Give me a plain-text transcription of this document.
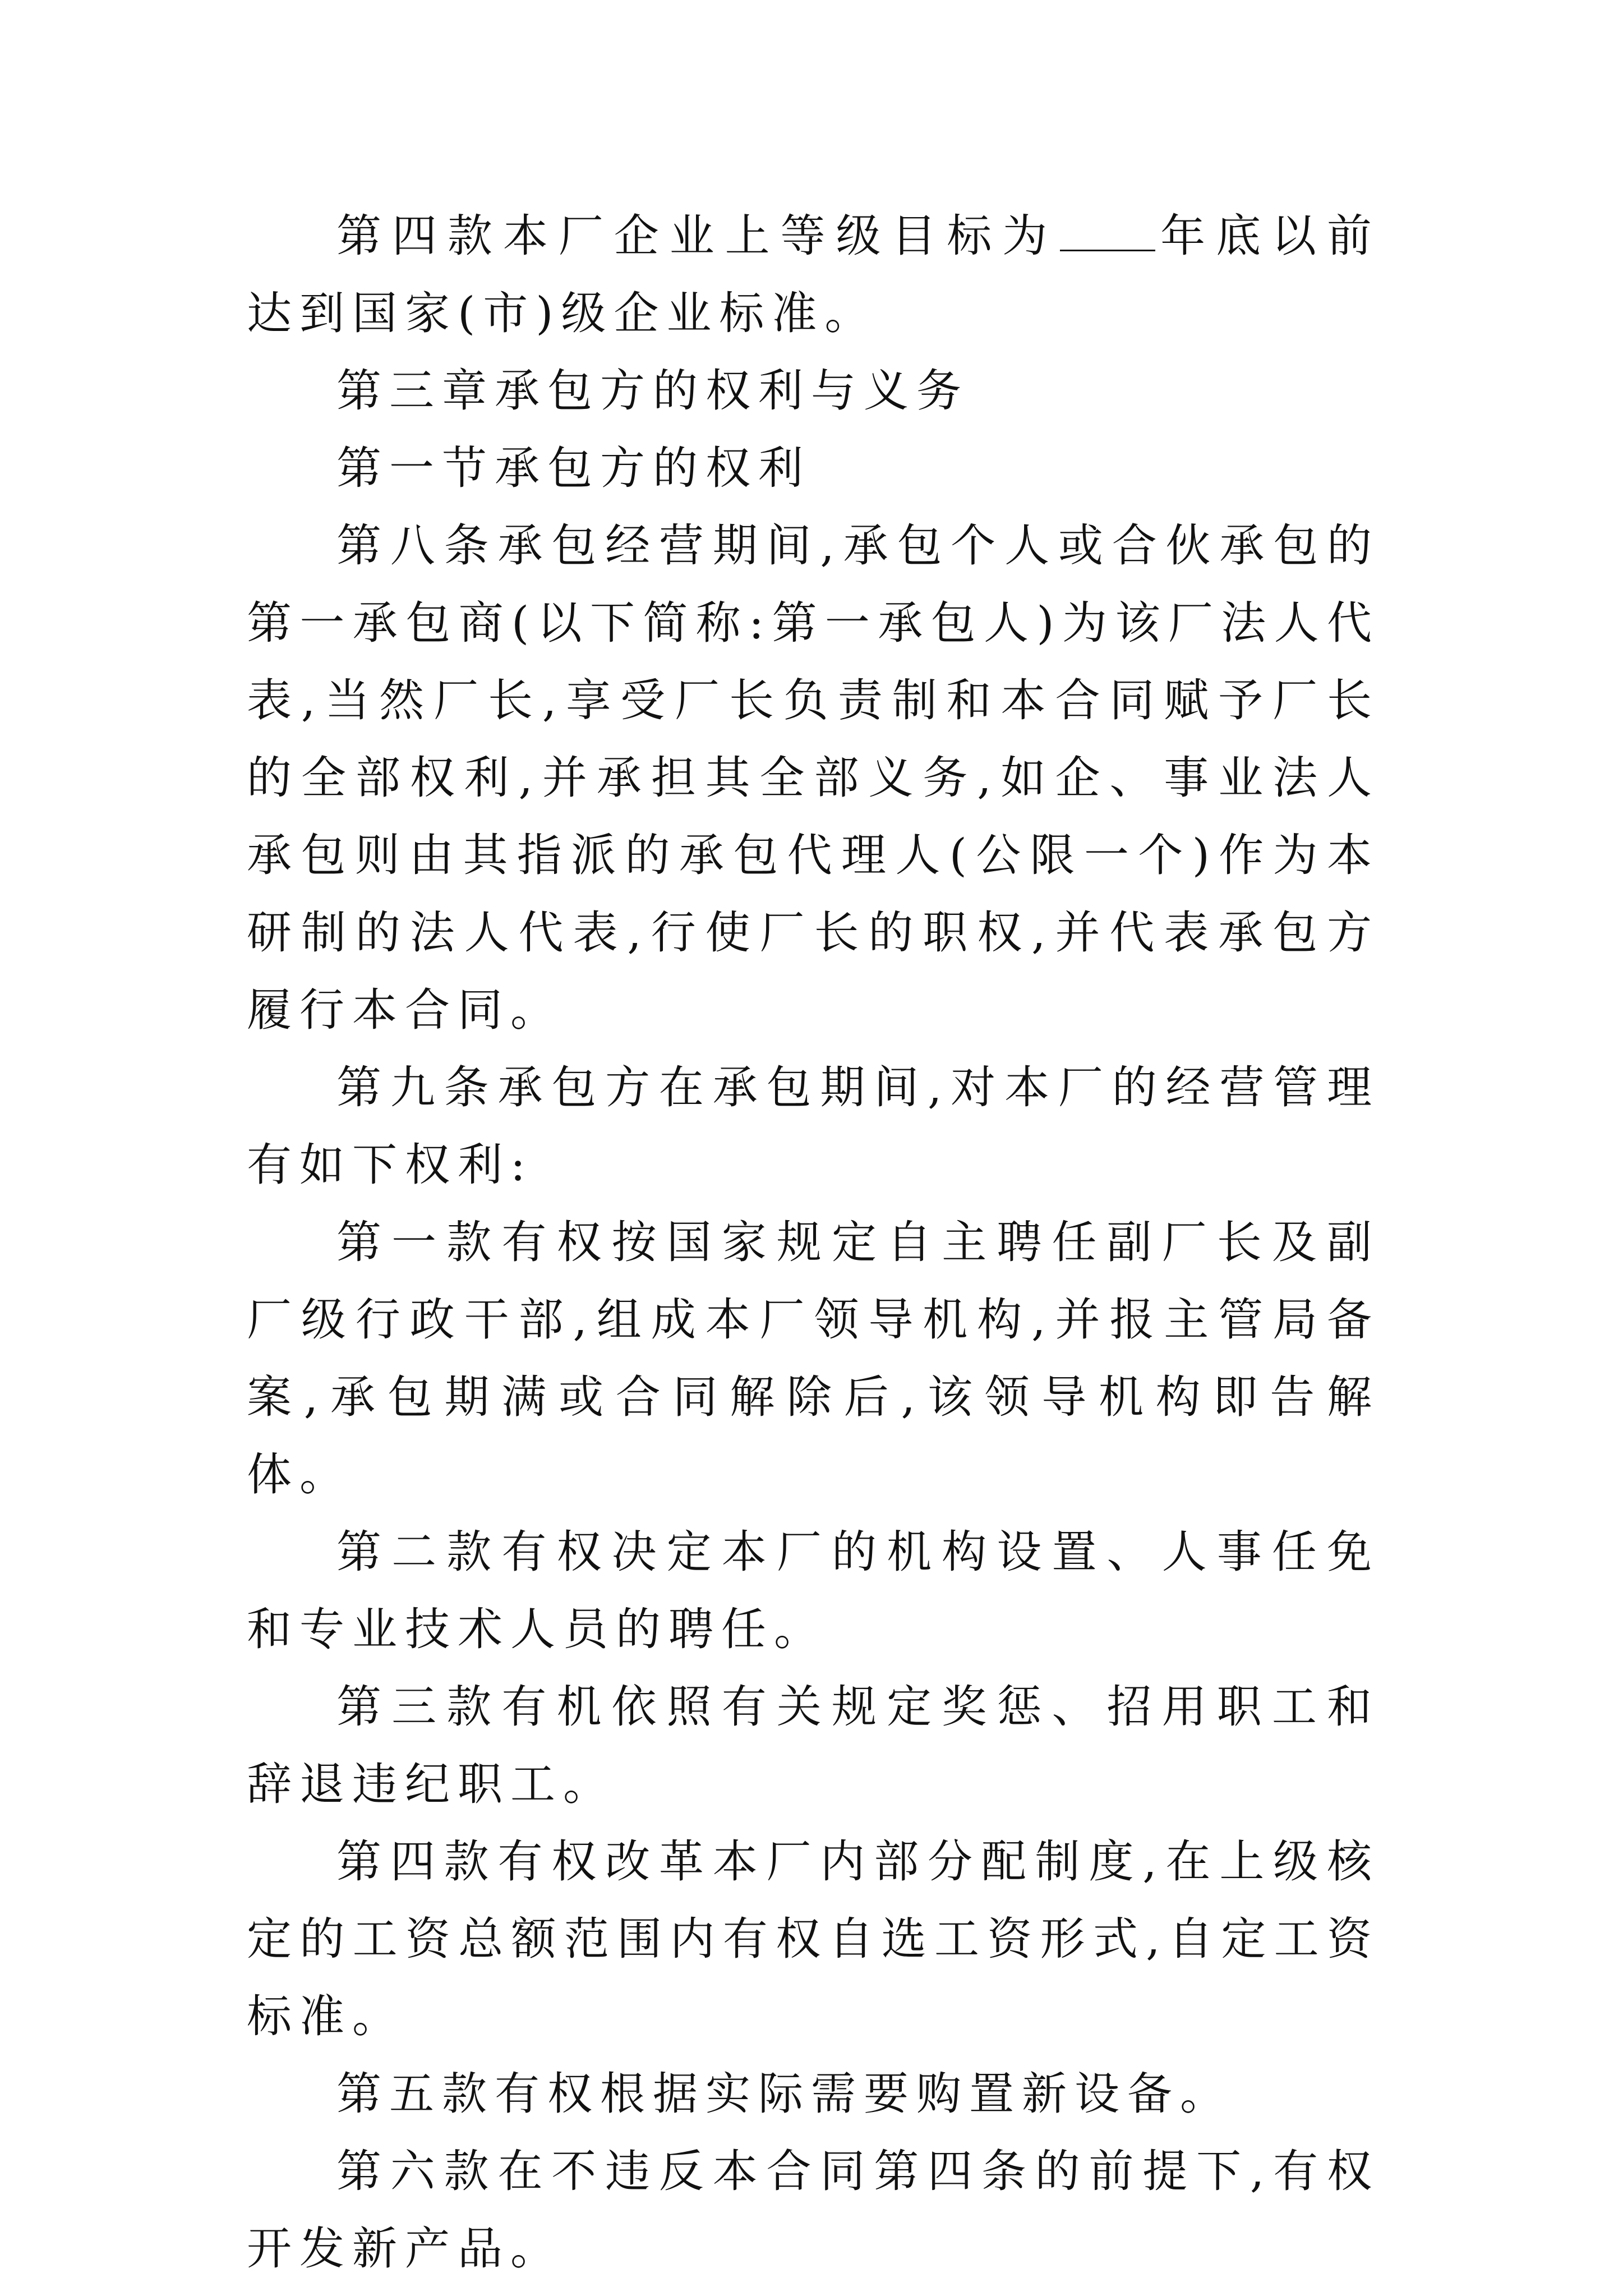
第四款本厂企业上等级目标为 年底以前达到国家(市)级企业标准。

第三章承包方的权利与义务

第一节承包方的权利

第八条承包经营期间,承包个人或合伙承包的第一承包商(以下简称:第一承包人)为该厂法人代表,当然厂长,享受厂长负责制和本合同赋予厂长的全部权利,并承担其全部义务,如企、事业法人承包则由其指派的承包代理人(公限一个)作为本研制的法人代表,行使厂长的职权,并代表承包方履行本合同。

第九条承包方在承包期间,对本厂的经营管理有如下权利:

第一款有权按国家规定自主聘任副厂长及副厂级行政干部,组成本厂领导机构,并报主管局备案,承包期满或合同解除后,该领导机构即告解体。

第二款有权决定本厂的机构设置、人事任免和专业技术人员的聘任。

第三款有机依照有关规定奖惩、招用职工和辞退违纪职工。

第四款有权改革本厂内部分配制度,在上级核定的工资总额范围内有权自选工资形式,自定工资标准。

第五款有权根据实际需要购置新设备。

第六款在不违反本合同第四条的前提下,有权开发新产品。
